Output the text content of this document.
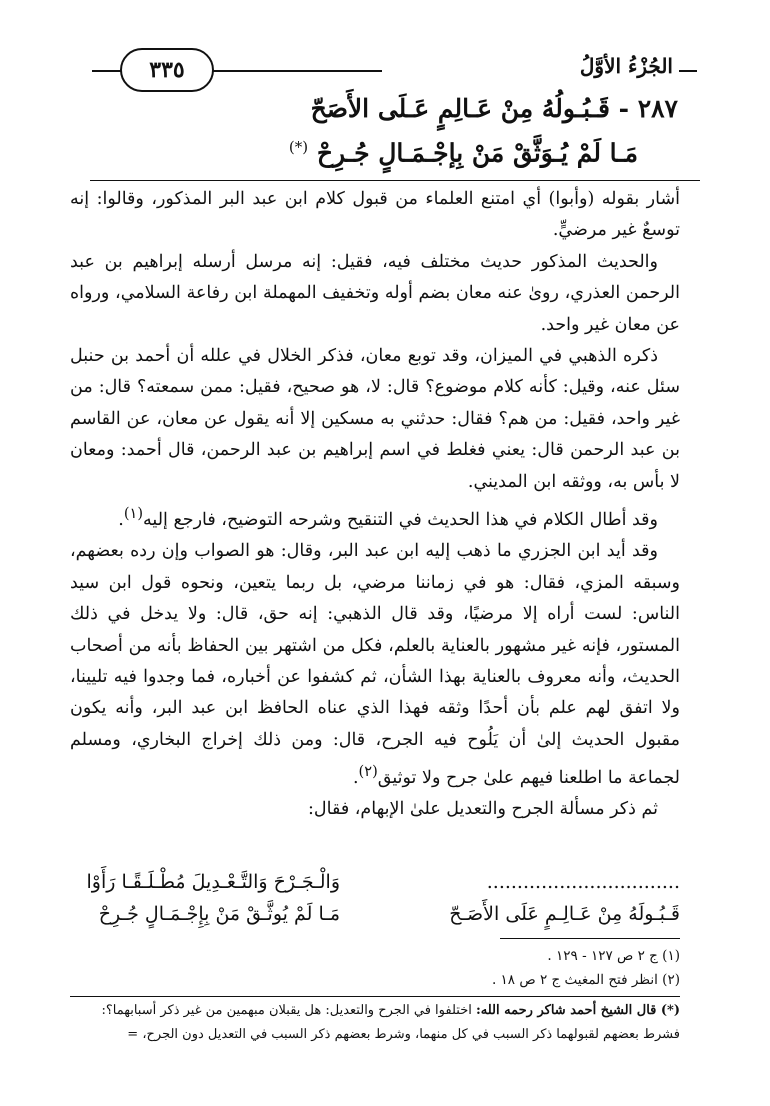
الجُزْءُ الأوَّلُ
٣٣٥
٢٨٧ - قَـبُـولُهُ مِنْ عَـالِمٍ عَـلَى الأَصَحّ
مَـا لَمْ يُـوَثَّقْ مَنْ بِإجْـمَـالٍ جُـرِحْ (*)

أشار بقوله (وأبوا) أي امتنع العلماء من قبول كلام ابن عبد البر المذكور، وقالوا: إنه توسعٌ غير مرضيٍّ.

والحديث المذكور حديث مختلف فيه، فقيل: إنه مرسل أرسله إبراهيم بن عبد الرحمن العذري، روىٰ عنه معان بضم أوله وتخفيف المهملة ابن رفاعة السلامي، ورواه عن معان غير واحد.

ذكره الذهبي في الميزان، وقد توبع معان، فذكر الخلال في علله أن أحمد بن حنبل سئل عنه، وقيل: كأنه كلام موضوع؟ قال: لا، هو صحيح، فقيل: ممن سمعته؟ قال: من غير واحد، فقيل: من هم؟ فقال: حدثني به مسكين إلا أنه يقول عن معان، عن القاسم بن عبد الرحمن قال: يعني فغلط في اسم إبراهيم بن عبد الرحمن، قال أحمد: ومعان لا بأس به، ووثقه ابن المديني.

وقد أطال الكلام في هذا الحديث في التنقيح وشرحه التوضيح، فارجع إليه$^{(١)}$.

وقد أيد ابن الجزري ما ذهب إليه ابن عبد البر، وقال: هو الصواب وإن رده بعضهم، وسبقه المزي، فقال: هو في زماننا مرضي، بل ربما يتعين، ونحوه قول ابن سيد الناس: لست أراه إلا مرضيًا، وقد قال الذهبي: إنه حق، قال: ولا يدخل في ذلك المستور، فإنه غير مشهور بالعناية بالعلم، فكل من اشتهر بين الحفاظ بأنه من أصحاب الحديث، وأنه معروف بالعناية بهذا الشأن، ثم كشفوا عن أخباره، فما وجدوا فيه تليينا، ولا اتفق لهم علم بأن أحدًا وثقه فهذا الذي عناه الحافظ ابن عبد البر، وأنه يكون مقبول الحديث إلىٰ أن يَلُوح فيه الجرح، قال: ومن ذلك إخراج البخاري، ومسلم لجماعة ما اطلعنا فيهم علىٰ جرح ولا توثيق$^{(٢)}$.

ثم ذكر مسألة الجرح والتعديل علىٰ الإبهام، فقال:

................................
وَالْـجَـرْحَ وَالتَّـعْـدِيلَ مُطْـلَـقًـا رَأَوْا
قَـبُـولَهُ مِنْ عَـالِـمٍ عَلَى الأَصَـحّ
مَـا لَمْ يُوثَّـقْ مَنْ بِإِجْـمَـالٍ جُـرِحْ

(١) ج ٢ ص ١٢٧ - ١٢٩ .

(٢) انظر فتح المغيث ج ٢ ص ١٨ .

(*) قال الشيخ أحمد شاكر رحمه الله: اختلفوا في الجرح والتعديل: هل يقبلان مبهمين من غير ذكر أسبابهما؟:

فشرط بعضهم لقبولهما ذكر السبب في كل منهما، وشرط بعضهم ذكر السبب في التعديل دون الجرح، =
